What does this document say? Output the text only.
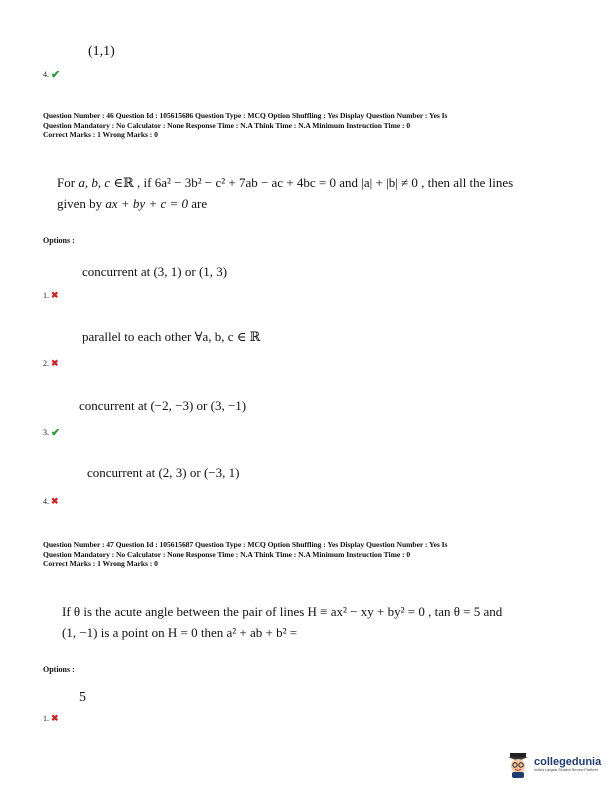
(1,1)
4. ✔
Question Number : 46 Question Id : 105615686 Question Type : MCQ Option Shuffling : Yes Display Question Number : Yes Is
Question Mandatory : No Calculator : None Response Time : N.A Think Time : N.A Minimum Instruction Time : 0
Correct Marks : 1 Wrong Marks : 0
For a, b, c ∈ℝ , if 6a² − 3b² − c² + 7ab − ac + 4bc = 0 and |a| + |b| ≠ 0 , then all the lines
given by ax + by + c = 0 are
Options :
concurrent at (3, 1) or (1, 3)
1. ✖
parallel to each other ∀a, b, c ∈ ℝ
2. ✖
concurrent at (−2, −3) or (3, −1)
3. ✔
concurrent at (2, 3) or (−3, 1)
4. ✖
Question Number : 47 Question Id : 105615687 Question Type : MCQ Option Shuffling : Yes Display Question Number : Yes Is
Question Mandatory : No Calculator : None Response Time : N.A Think Time : N.A Minimum Instruction Time : 0
Correct Marks : 1 Wrong Marks : 0
If θ is the acute angle between the pair of lines H ≡ ax² − xy + by² = 0 , tan θ = 5 and
(1, −1) is a point on H = 0 then a² + ab + b² =
Options :
5
1. ✖
collegedunia
India's Largest Student Review Platform
